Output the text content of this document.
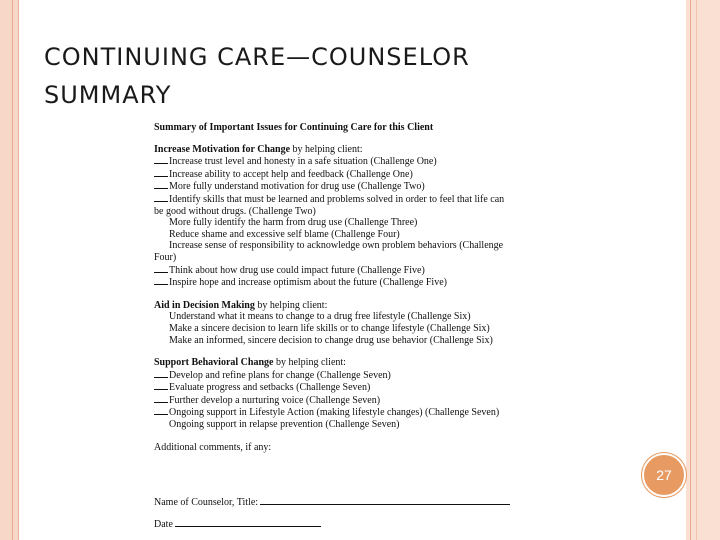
CONTINUING CARE—COUNSELOR
SUMMARY
Summary of Important Issues for Continuing Care for this Client
Increase Motivation for Change by helping client:
Increase trust level and honesty in a safe situation (Challenge One)
Increase ability to accept help and feedback (Challenge One)
More fully understand motivation for drug use (Challenge Two)
Identify skills that must be learned and problems solved in order to feel that life can be good without drugs. (Challenge Two)
More fully identify the harm from drug use (Challenge Three)
Reduce shame and excessive self blame (Challenge Four)
Increase sense of responsibility to acknowledge own problem behaviors (Challenge Four)
Think about how drug use could impact future (Challenge Five)
Inspire hope and increase optimism about the future (Challenge Five)
Aid in Decision Making by helping client:
Understand what it means to change to a drug free lifestyle (Challenge Six)
Make a sincere decision to learn life skills or to change lifestyle (Challenge Six)
Make an informed, sincere decision to change drug use behavior (Challenge Six)
Support Behavioral Change by helping client:
Develop and refine plans for change (Challenge Seven)
Evaluate progress and setbacks (Challenge Seven)
Further develop a nurturing voice (Challenge Seven)
Ongoing support in Lifestyle Action (making lifestyle changes) (Challenge Seven)
Ongoing support in relapse prevention (Challenge Seven)
Additional comments, if any:
Name of Counselor, Title:
Date
27
